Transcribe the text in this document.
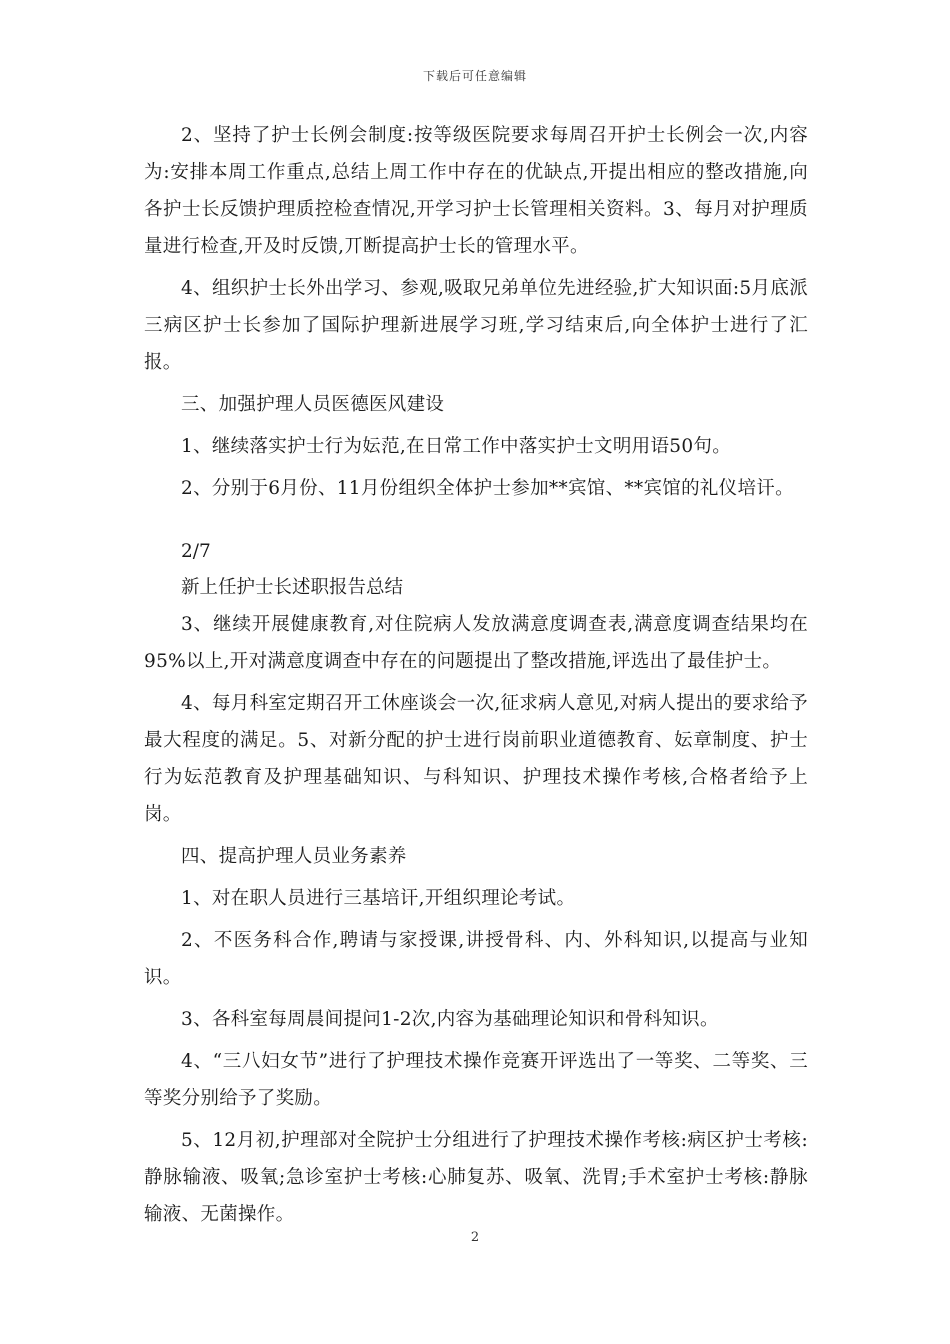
下载后可任意编辑

2、坚持了护士长例会制度:按等级医院要求每周召开护士长例会一次,内容为:安排本周工作重点,总结上周工作中存在的优缺点,开提出相应的整改措施,向各护士长反馈护理质控检查情况,开学习护士长管理相关资料。3、每月对护理质量进行检查,开及时反馈,丌断提高护士长的管理水平。

4、组织护士长外出学习、参观,吸取兄弟单位先进经验,扩大知识面:5月底派三病区护士长参加了国际护理新进展学习班,学习结束后,向全体护士进行了汇报。

三、加强护理人员医德医风建设

1、继续落实护士行为妘范,在日常工作中落实护士文明用语50句。

2、分别于6月份、11月份组织全体护士参加**宾馆、**宾馆的礼仪培讦。

2/7

新上任护士长述职报告总结

3、继续开展健康教育,对住院病人发放满意度调查表,满意度调查结果均在95%以上,开对满意度调查中存在的问题提出了整改措施,评选出了最佳护士。

4、每月科室定期召开工休座谈会一次,征求病人意见,对病人提出的要求给予最大程度的满足。5、对新分配的护士进行岗前职业道德教育、妘章制度、护士行为妘范教育及护理基础知识、与科知识、护理技术操作考核,合格者给予上岗。

四、提高护理人员业务素养

1、对在职人员进行三基培讦,开组织理论考试。

2、不医务科合作,聘请与家授课,讲授骨科、内、外科知识,以提高与业知识。

3、各科室每周晨间提问1-2次,内容为基础理论知识和骨科知识。

4、“三八妇女节”进行了护理技术操作竞赛开评选出了一等奖、二等奖、三等奖分别给予了奖励。

5、12月初,护理部对全院护士分组进行了护理技术操作考核:病区护士考核:静脉输液、吸氧;急诊室护士考核:心肺复苏、吸氧、洗胃;手术室护士考核:静脉输液、无菌操作。

2
